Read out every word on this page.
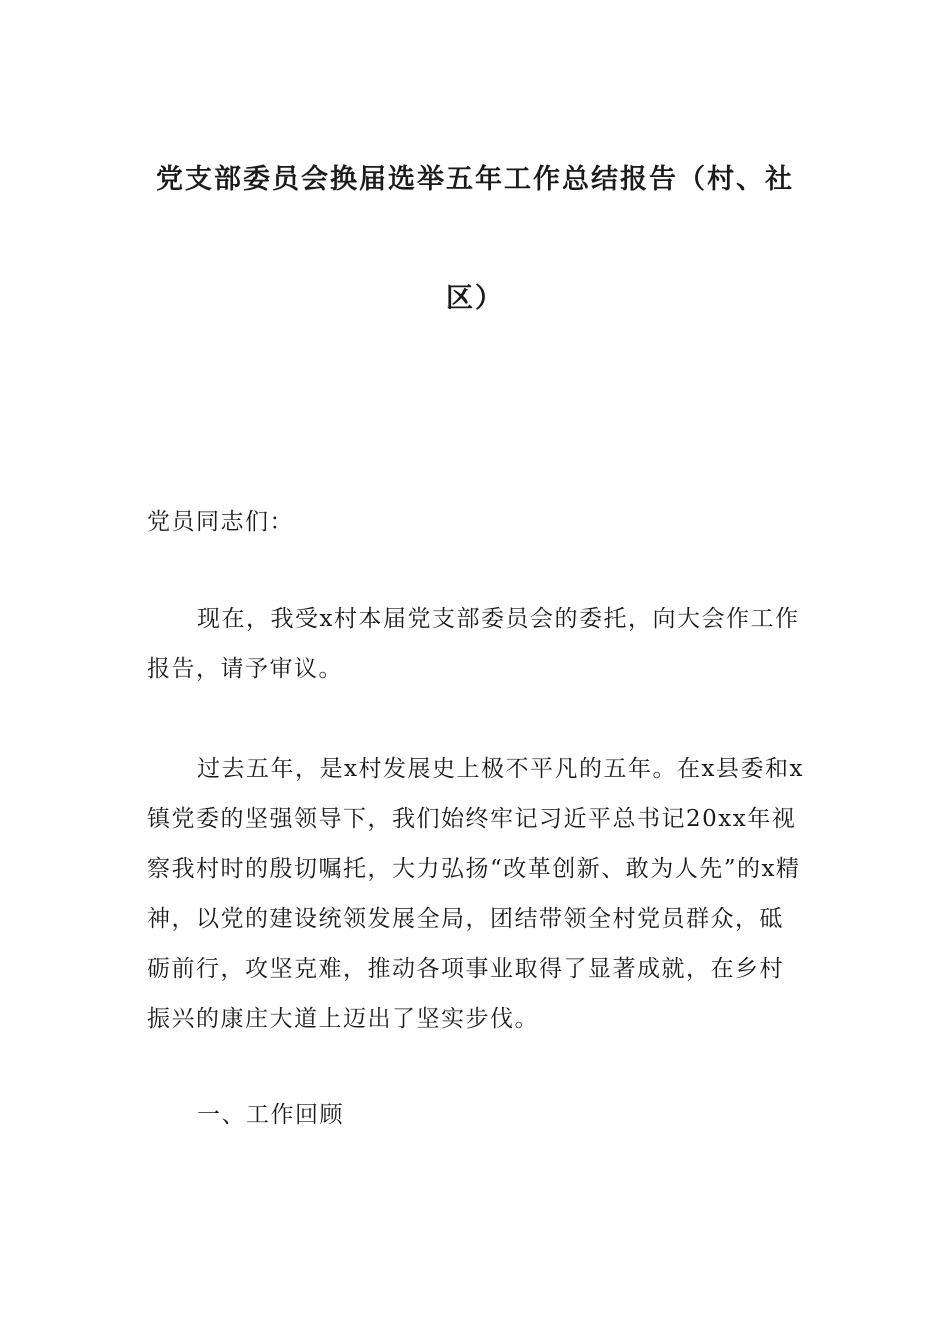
党支部委员会换届选举五年工作总结报告（村、社
区）

党员同志们：

现在，我受x村本届党支部委员会的委托，向大会作工作报告，请予审议。

过去五年，是x村发展史上极不平凡的五年。在x县委和x镇党委的坚强领导下，我们始终牢记习近平总书记20xx年视察我村时的殷切嘱托，大力弘扬“改革创新、敢为人先”的x精神，以党的建设统领发展全局，团结带领全村党员群众，砥砺前行，攻坚克难，推动各项事业取得了显著成就，在乡村振兴的康庄大道上迈出了坚实步伐。

一、工作回顾
